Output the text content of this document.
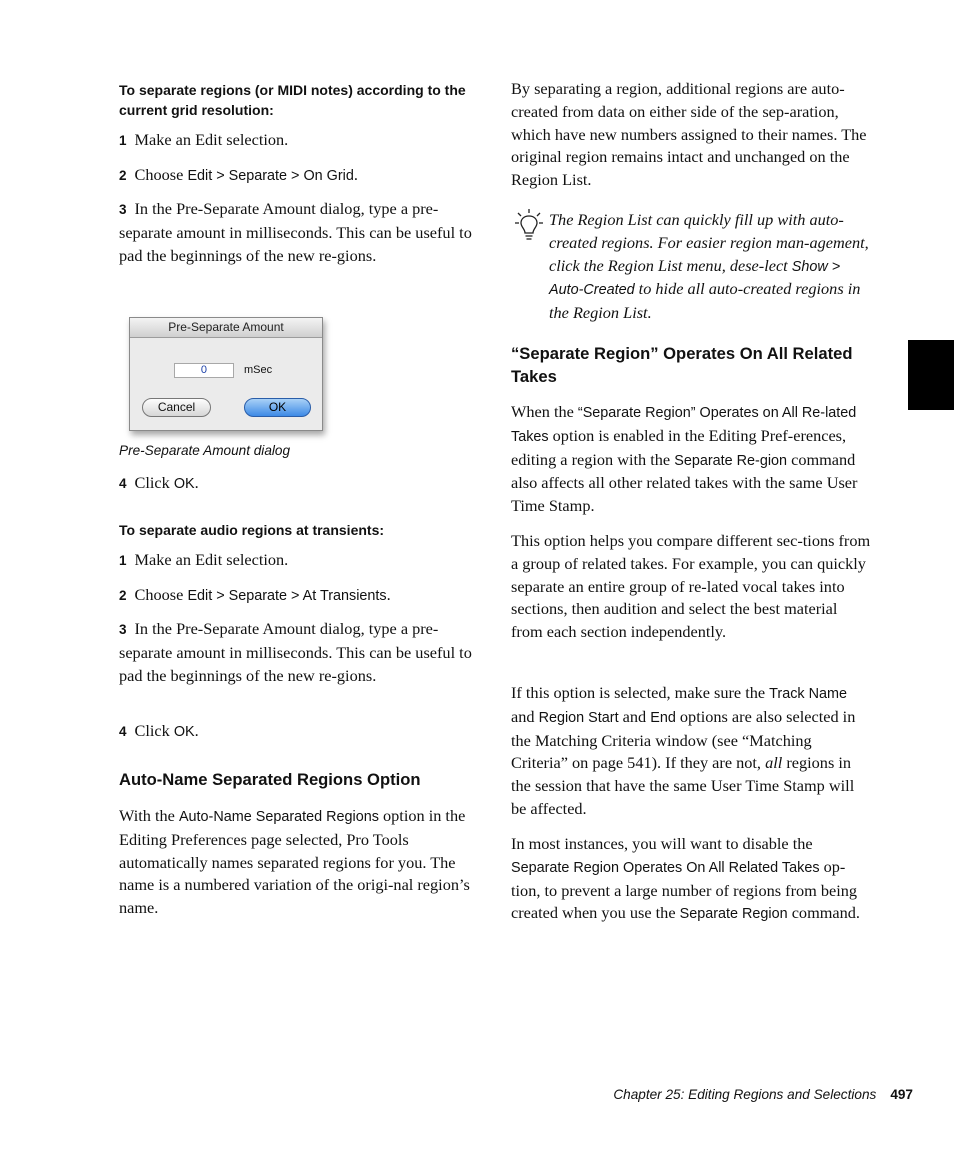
To separate regions (or MIDI notes) according to the current grid resolution:

1 Make an Edit selection.

2 Choose Edit > Separate > On Grid.

3 In the Pre-Separate Amount dialog, type a pre-separate amount in milliseconds. This can be useful to pad the beginnings of the new re-gions.

Pre-Separate Amount
0	mSec
Cancel	OK

Pre-Separate Amount dialog

4 Click OK.

To separate audio regions at transients:

1 Make an Edit selection.

2 Choose Edit > Separate > At Transients.

3 In the Pre-Separate Amount dialog, type a pre-separate amount in milliseconds. This can be useful to pad the beginnings of the new re-gions.

4 Click OK.

Auto-Name Separated Regions Option

With the Auto-Name Separated Regions option in the Editing Preferences page selected, Pro Tools automatically names separated regions for you. The name is a numbered variation of the origi-nal region’s name.

By separating a region, additional regions are auto-created from data on either side of the sep-aration, which have new numbers assigned to their names. The original region remains intact and unchanged on the Region List.

The Region List can quickly fill up with auto-created regions. For easier region man-agement, click the Region List menu, dese-lect Show > Auto-Created to hide all auto-created regions in the Region List.

“Separate Region” Operates On All Related Takes

When the “Separate Region” Operates on All Re-lated Takes option is enabled in the Editing Pref-erences, editing a region with the Separate Re-gion command also affects all other related takes with the same User Time Stamp.

This option helps you compare different sec-tions from a group of related takes. For example, you can quickly separate an entire group of re-lated vocal takes into sections, then audition and select the best material from each section independently.

If this option is selected, make sure the Track Name and Region Start and End options are also selected in the Matching Criteria window (see “Matching Criteria” on page 541). If they are not, all regions in the session that have the same User Time Stamp will be affected.

In most instances, you will want to disable the Separate Region Operates On All Related Takes op-tion, to prevent a large number of regions from being created when you use the Separate Region command.

Chapter 25: Editing Regions and Selections 497
